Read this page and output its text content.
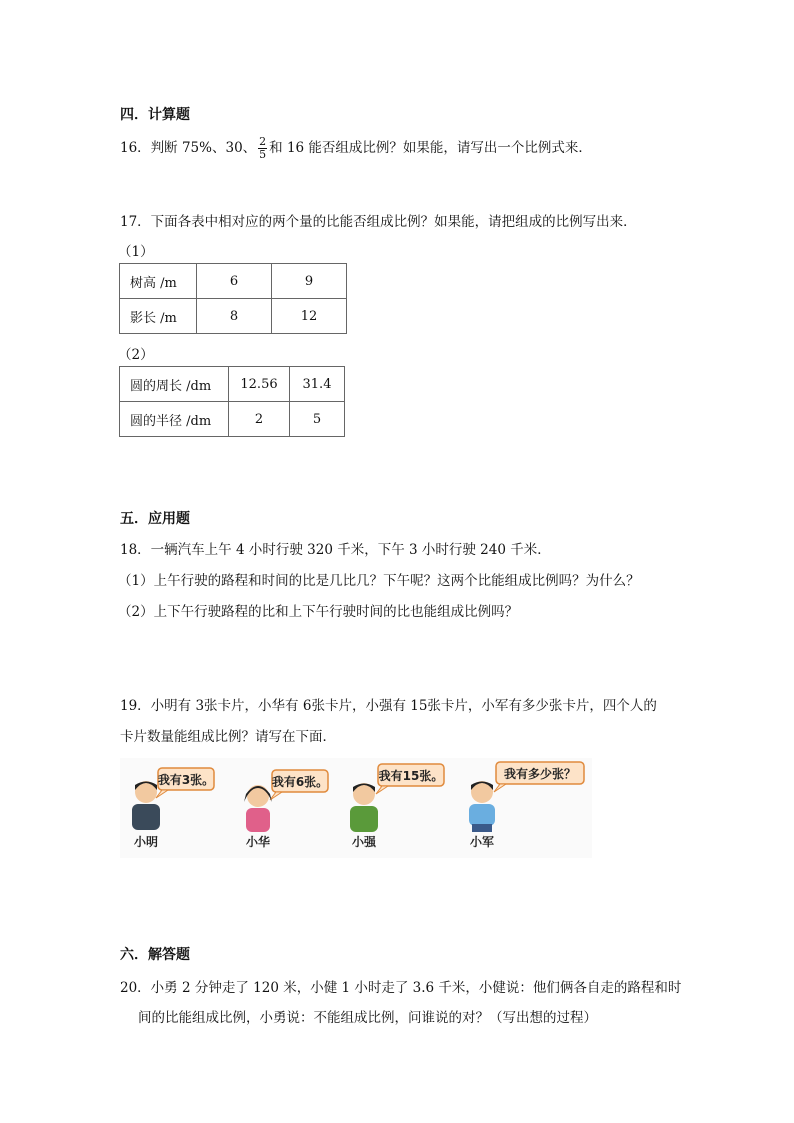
四．计算题
16．判断 75%、30、 $\frac{2}{5}$ 和 16 能否组成比例？如果能，请写出一个比例式来．
17．下面各表中相对应的两个量的比能否组成比例？如果能，请把组成的比例写出来．
（1）
树高 /m	6	9
影长 /m	8	12
（2）
圆的周长 /dm	12.56	31.4
圆的半径 /dm	2	5
五．应用题
18．一辆汽车上午 4 小时行驶 320 千米，下午 3 小时行驶 240 千米．
（1）上午行驶的路程和时间的比是几比几？下午呢？这两个比能组成比例吗？为什么？
（2）上下午行驶路程的比和上下午行驶时间的比也能组成比例吗？
19．小明有 3张卡片，小华有 6张卡片，小强有 15张卡片，小军有多少张卡片，四个人的
卡片数量能组成比例？请写在下面．
我有3张。
小明
我有6张。
小华
我有15张。
小强
我有多少张？
小军
六．解答题
20．小勇 2 分钟走了 120 米，小健 1 小时走了 3.6 千米，小健说：他们俩各自走的路程和时
间的比能组成比例，小勇说：不能组成比例，问谁说的对？（写出想的过程）
